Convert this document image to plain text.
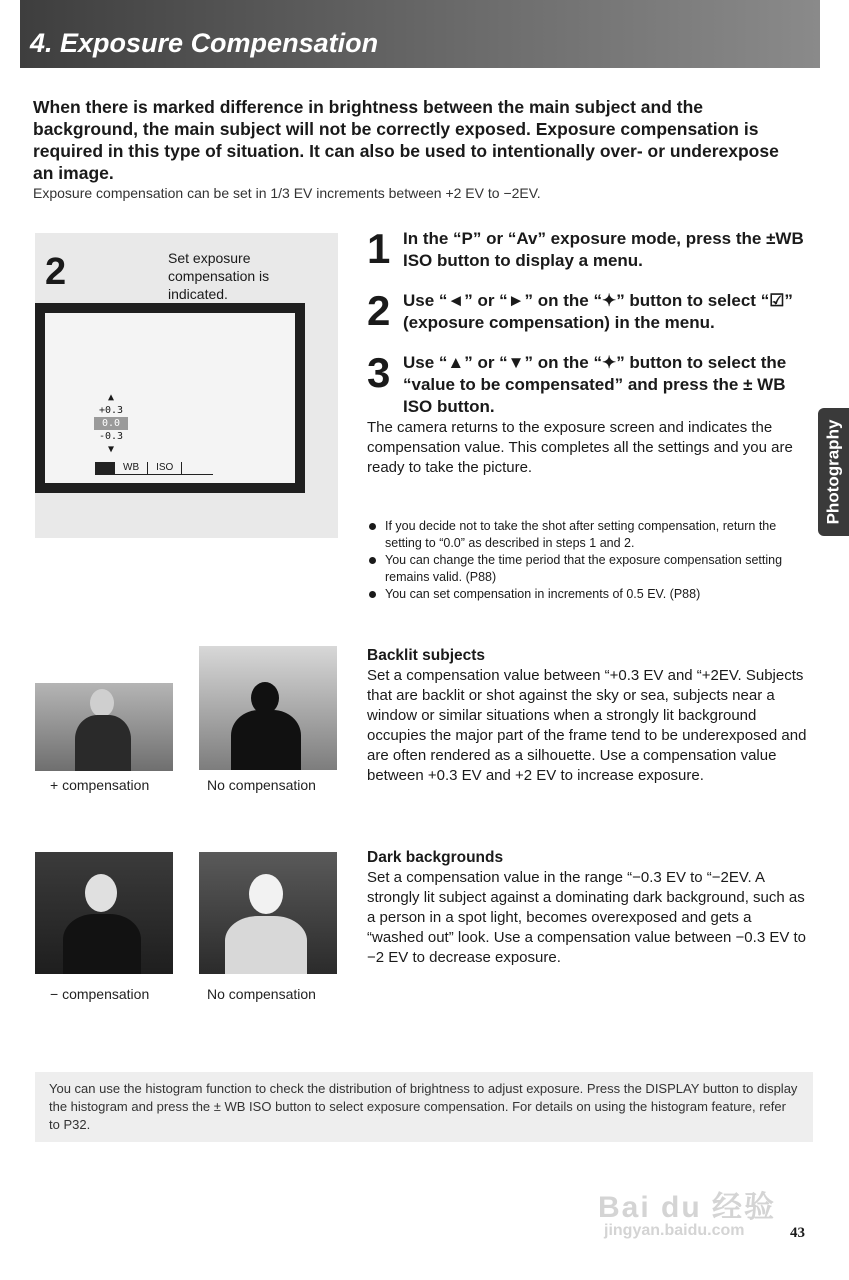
4. Exposure Compensation

When there is marked difference in brightness between the main subject and the background, the main subject will not be correctly exposed. Exposure compensation is required in this type of situation. It can also be used to intentionally over- or underexpose an image.

Exposure compensation can be set in 1/3 EV increments between +2 EV to −2EV.

2	Set exposure compensation is indicated.
▲
+0.3
0.0
-0.3
▼
WB ISO
1 In the “P” or “Av” exposure mode, press the ±WB ISO button to display a menu.
2 Use “◄” or “►” on the “✦” button to select “☑” (exposure compensation) in the menu.
3 Use “▲” or “▼” on the “✦” button to select the “value to be compensated” and press the ± WB ISO button.
The camera returns to the exposure screen and indicates the compensation value. This completes all the settings and you are ready to take the picture.
If you decide not to take the shot after setting compensation, return the setting to “0.0” as described in steps 1 and 2.
You can change the time period that the exposure compensation setting remains valid. (P88)
You can set compensation in increments of 0.5 EV. (P88)
Photography
+ compensation	No compensation
Backlit subjects

Set a compensation value between “+0.3 EV and “+2EV. Subjects that are backlit or shot against the sky or sea, subjects near a window or similar situations when a strongly lit background occupies the major part of the frame tend to be underexposed and are often rendered as a silhouette. Use a compensation value between +0.3 EV and +2 EV to increase exposure.

− compensation	No compensation
Dark backgrounds

Set a compensation value in the range “−0.3 EV to “−2EV. A strongly lit subject against a dominating dark background, such as a person in a spot light, becomes overexposed and gets a “washed out” look. Use a compensation value between −0.3 EV to −2 EV to decrease exposure.

You can use the histogram function to check the distribution of brightness to adjust exposure. Press the DISPLAY button to display the histogram and press the ± WB ISO button to select exposure compensation. For details on using the histogram feature, refer to P32.
Bai du 经验
jingyan.baidu.com	43
